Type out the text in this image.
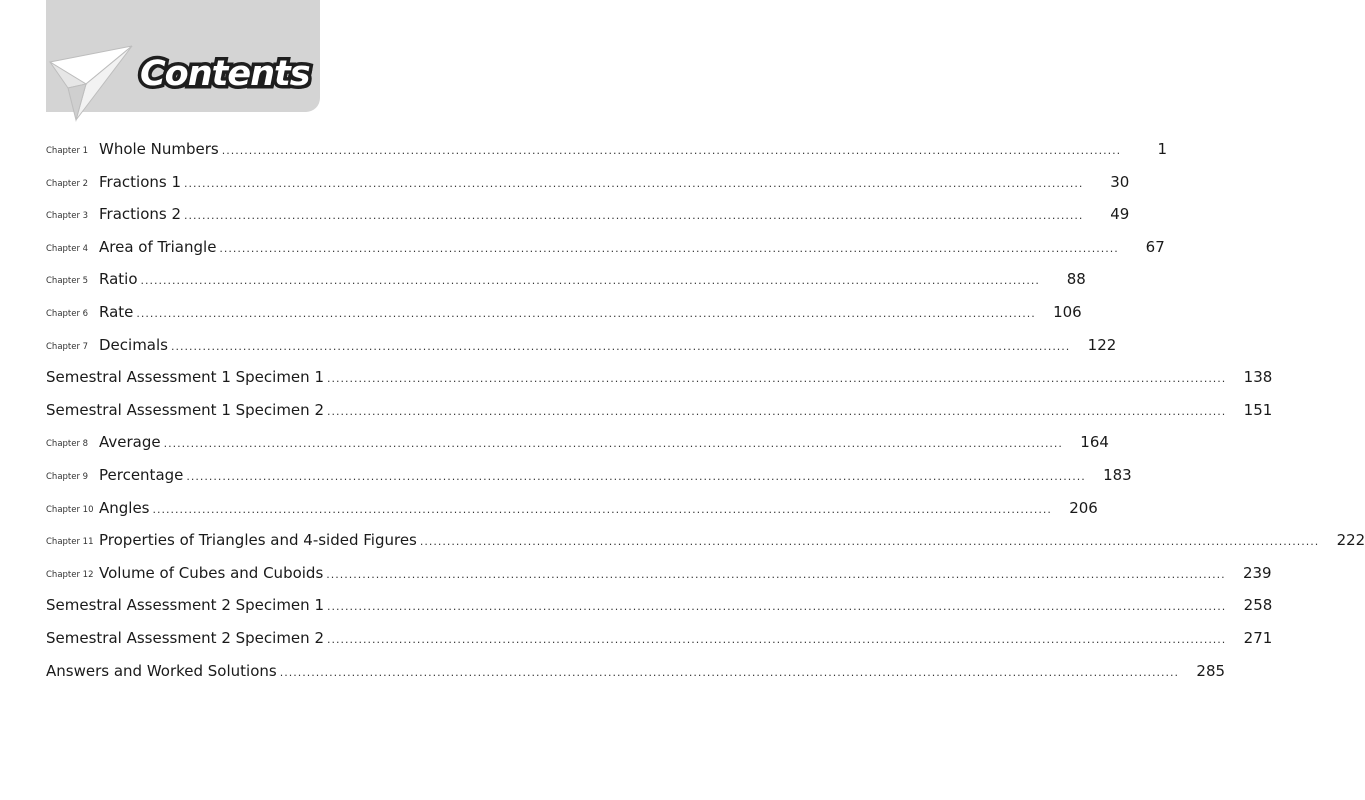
Contents
Chapter 1 Whole Numbers ........................................................................................................................................................................................................	1
Chapter 2 Fractions 1 ........................................................................................................................................................................................................	30
Chapter 3 Fractions 2 ........................................................................................................................................................................................................	49
Chapter 4 Area of Triangle ........................................................................................................................................................................................................	67
Chapter 5 Ratio ........................................................................................................................................................................................................	88
Chapter 6 Rate ........................................................................................................................................................................................................	106
Chapter 7 Decimals ........................................................................................................................................................................................................	122
Semestral Assessment 1 Specimen 1 ........................................................................................................................................................................................................	138
Semestral Assessment 1 Specimen 2 ........................................................................................................................................................................................................	151
Chapter 8 Average ........................................................................................................................................................................................................	164
Chapter 9 Percentage ........................................................................................................................................................................................................	183
Chapter 10 Angles ........................................................................................................................................................................................................	206
Chapter 11 Properties of Triangles and 4-sided Figures ........................................................................................................................................................................................................	222
Chapter 12 Volume of Cubes and Cuboids ........................................................................................................................................................................................................	239
Semestral Assessment 2 Specimen 1 ........................................................................................................................................................................................................	258
Semestral Assessment 2 Specimen 2 ........................................................................................................................................................................................................	271
Answers and Worked Solutions ........................................................................................................................................................................................................	285
